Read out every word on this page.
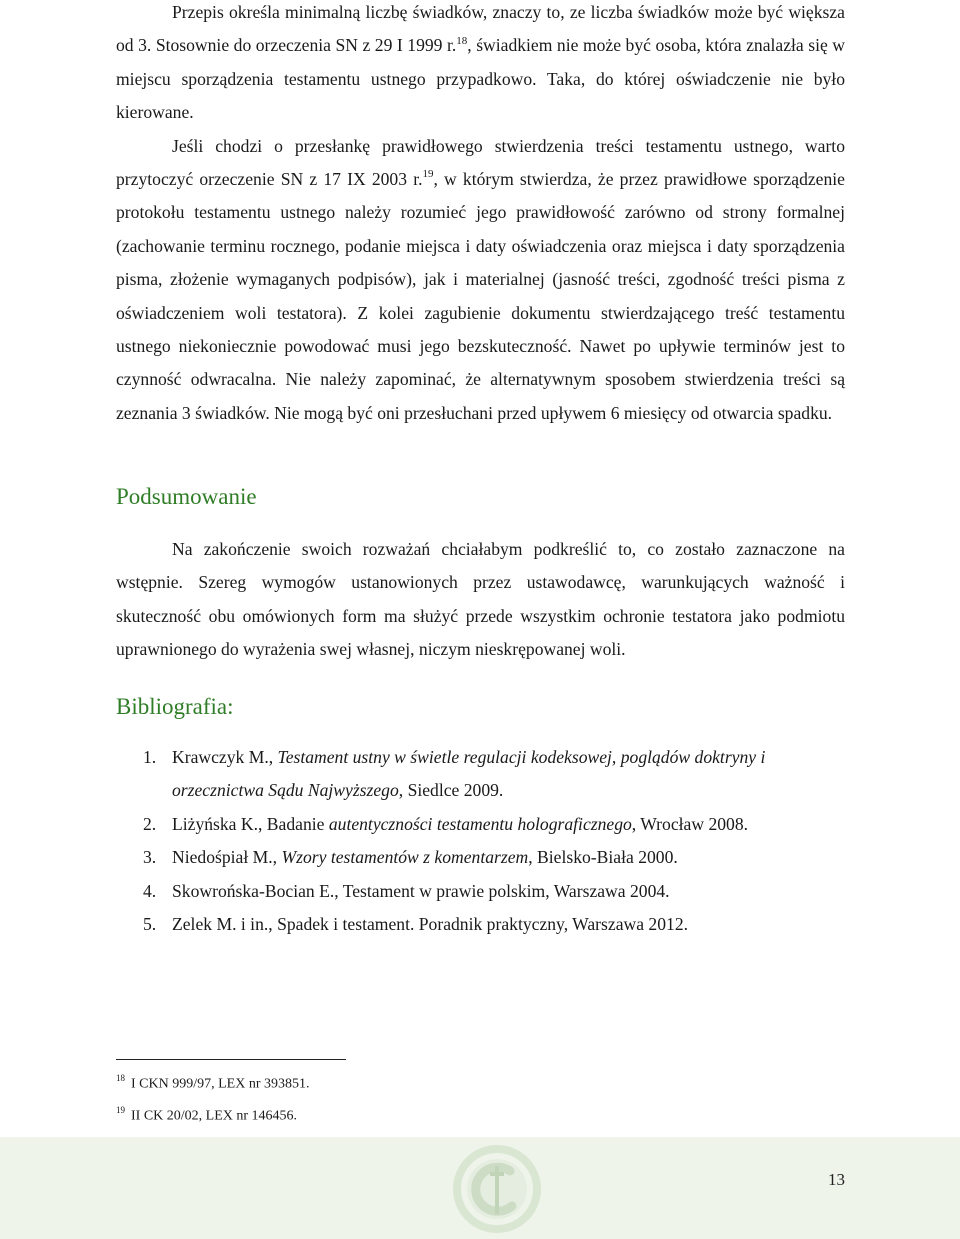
Przepis określa minimalną liczbę świadków, znaczy to, ze liczba świadków może być większa od 3. Stosownie do orzeczenia SN z 29 I 1999 r.$^{18}$, świadkiem nie może być osoba, która znalazła się w miejscu sporządzenia testamentu ustnego przypadkowo. Taka, do której oświadczenie nie było kierowane.

Jeśli chodzi o przesłankę prawidłowego stwierdzenia treści testamentu ustnego, warto przytoczyć orzeczenie SN z 17 IX 2003 r.$^{19}$, w którym stwierdza, że przez prawidłowe sporządzenie protokołu testamentu ustnego należy rozumieć jego prawidłowość zarówno od strony formalnej (zachowanie terminu rocznego, podanie miejsca i daty oświadczenia oraz miejsca i daty sporządzenia pisma, złożenie wymaganych podpisów), jak i materialnej (jasność treści, zgodność treści pisma z oświadczeniem woli testatora). Z kolei zagubienie dokumentu stwierdzającego treść testamentu ustnego niekoniecznie powodować musi jego bezskuteczność. Nawet po upływie terminów jest to czynność odwracalna. Nie należy zapominać, że alternatywnym sposobem stwierdzenia treści są zeznania 3 świadków. Nie mogą być oni przesłuchani przed upływem 6 miesięcy od otwarcia spadku.

Podsumowanie

Na zakończenie swoich rozważań chciałabym podkreślić to, co zostało zaznaczone na wstępnie. Szereg wymogów ustanowionych przez ustawodawcę, warunkujących ważność i skuteczność obu omówionych form ma służyć przede wszystkim ochronie testatora jako podmiotu uprawnionego do wyrażenia swej własnej, niczym nieskrępowanej woli.

Bibliografia:
1. Krawczyk M., Testament ustny w świetle regulacji kodeksowej, poglądów doktryny i orzecznictwa Sądu Najwyższego, Siedlce 2009.
2. Liżyńska K., Badanie autentyczności testamentu holograficznego, Wrocław 2008.
3. Niedośpiał M., Wzory testamentów z komentarzem, Bielsko-Biała 2000.
4. Skowrońska-Bocian E., Testament w prawie polskim, Warszawa 2004.
5. Zelek M. i in., Spadek i testament. Poradnik praktyczny, Warszawa 2012.

$^{18}$ I CKN 999/97, LEX nr 393851.

$^{19}$ II CK 20/02, LEX nr 146456.

13
